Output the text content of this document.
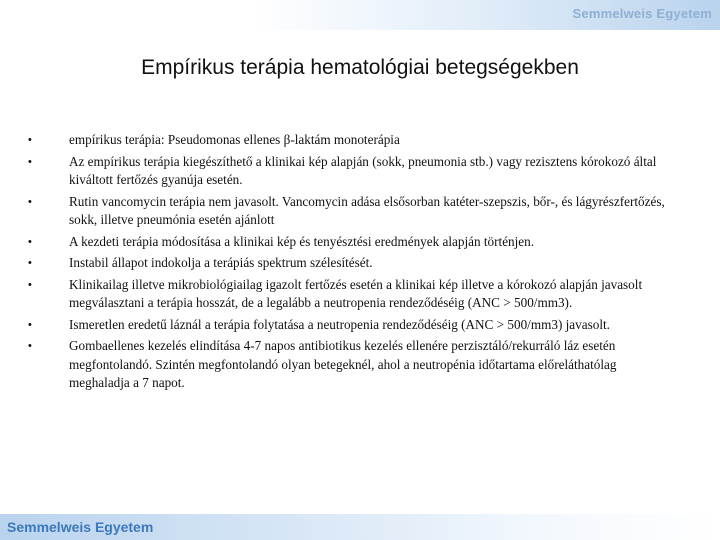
Semmelweis Egyetem
Empírikus terápia hematológiai betegségekben
•	empírikus terápia: Pseudomonas ellenes β-laktám monoterápia
•	Az empírikus terápia kiegészíthető a klinikai kép alapján (sokk, pneumonia stb.) vagy rezisztens kórokozó által kiváltott fertőzés gyanúja esetén.
•	Rutin vancomycin terápia nem javasolt. Vancomycin adása elsősorban katéter-szepszis, bőr-, és lágyrészfertőzés, sokk, illetve pneumónia esetén ajánlott
•	A kezdeti terápia módosítása a klinikai kép és tenyésztési eredmények alapján történjen.
•	Instabil állapot indokolja a terápiás spektrum szélesítését.
•	Klinikailag illetve mikrobiológiailag igazolt fertőzés esetén a klinikai kép illetve a kórokozó alapján javasolt megválasztani a terápia hosszát, de a legalább a neutropenia rendeződéséig (ANC > 500/mm3).
•	Ismeretlen eredetű láznál a terápia folytatása a neutropenia rendeződéséig (ANC > 500/mm3) javasolt.
•	Gombaellenes kezelés elindítása 4-7 napos antibiotikus kezelés ellenére perzisztáló/rekurráló láz esetén megfontolandó. Szintén megfontolandó olyan betegeknél, ahol a neutropénia időtartama előreláthatólag meghaladja a 7 napot.
Semmelweis Egyetem
